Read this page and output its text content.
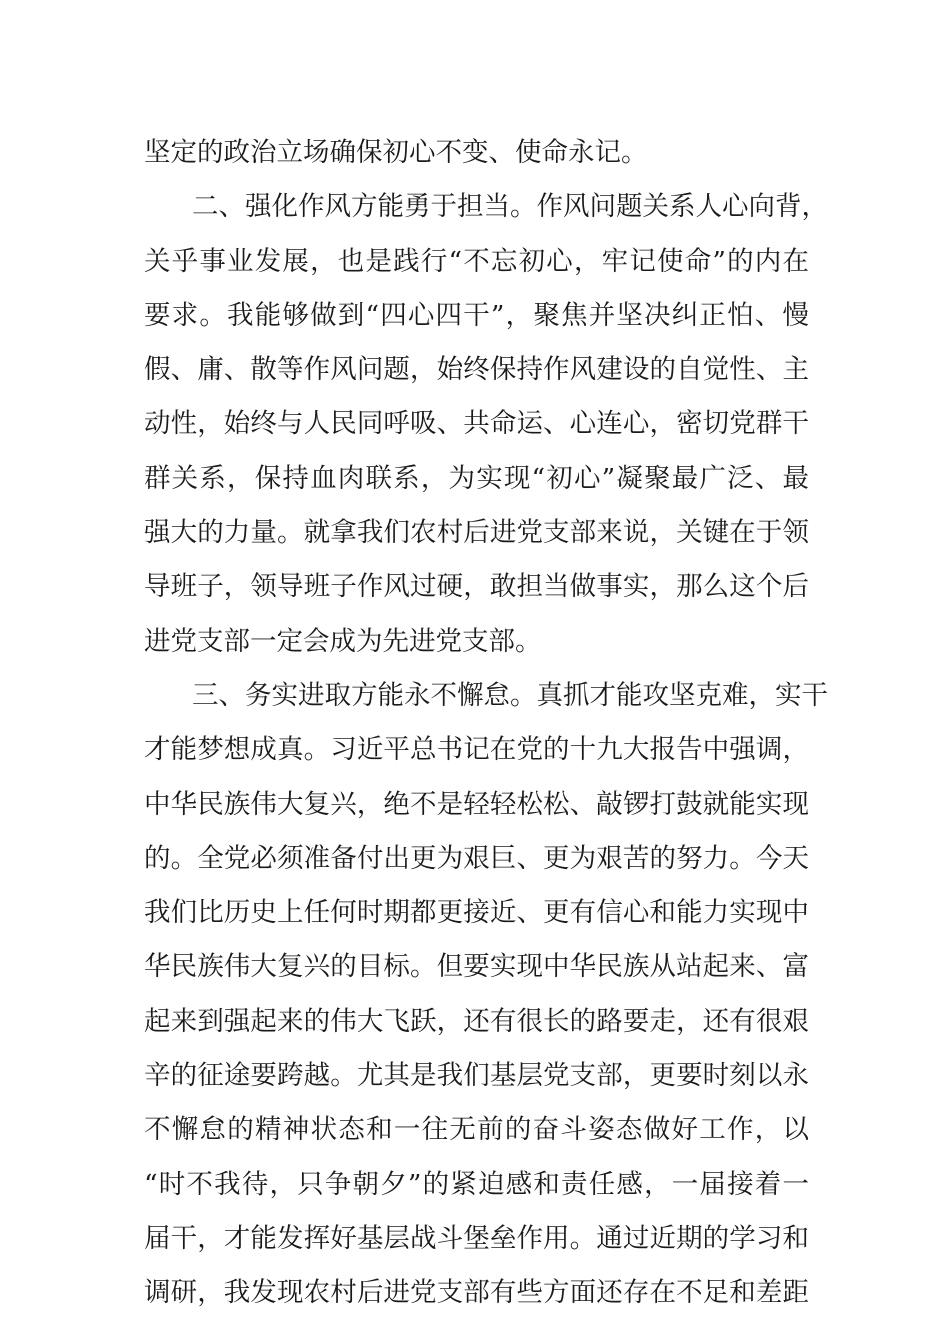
坚定的政治立场确保初心不变、使命永记。
二、强化作风方能勇于担当。作风问题关系人心向背，
关乎事业发展，也是践行“不忘初心，牢记使命”的内在
要求。我能够做到“四心四干”，聚焦并坚决纠正怕、慢
假、庸、散等作风问题，始终保持作风建设的自觉性、主
动性，始终与人民同呼吸、共命运、心连心，密切党群干
群关系，保持血肉联系，为实现“初心”凝聚最广泛、最
强大的力量。就拿我们农村后进党支部来说，关键在于领
导班子，领导班子作风过硬，敢担当做事实，那么这个后
进党支部一定会成为先进党支部。
三、务实进取方能永不懈怠。真抓才能攻坚克难，实干
才能梦想成真。习近平总书记在党的十九大报告中强调，
中华民族伟大复兴，绝不是轻轻松松、敲锣打鼓就能实现
的。全党必须准备付出更为艰巨、更为艰苦的努力。今天
我们比历史上任何时期都更接近、更有信心和能力实现中
华民族伟大复兴的目标。但要实现中华民族从站起来、富
起来到强起来的伟大飞跃，还有很长的路要走，还有很艰
辛的征途要跨越。尤其是我们基层党支部，更要时刻以永
不懈怠的精神状态和一往无前的奋斗姿态做好工作，以
“时不我待，只争朝夕”的紧迫感和责任感，一届接着一
届干，才能发挥好基层战斗堡垒作用。通过近期的学习和
调研，我发现农村后进党支部有些方面还存在不足和差距
